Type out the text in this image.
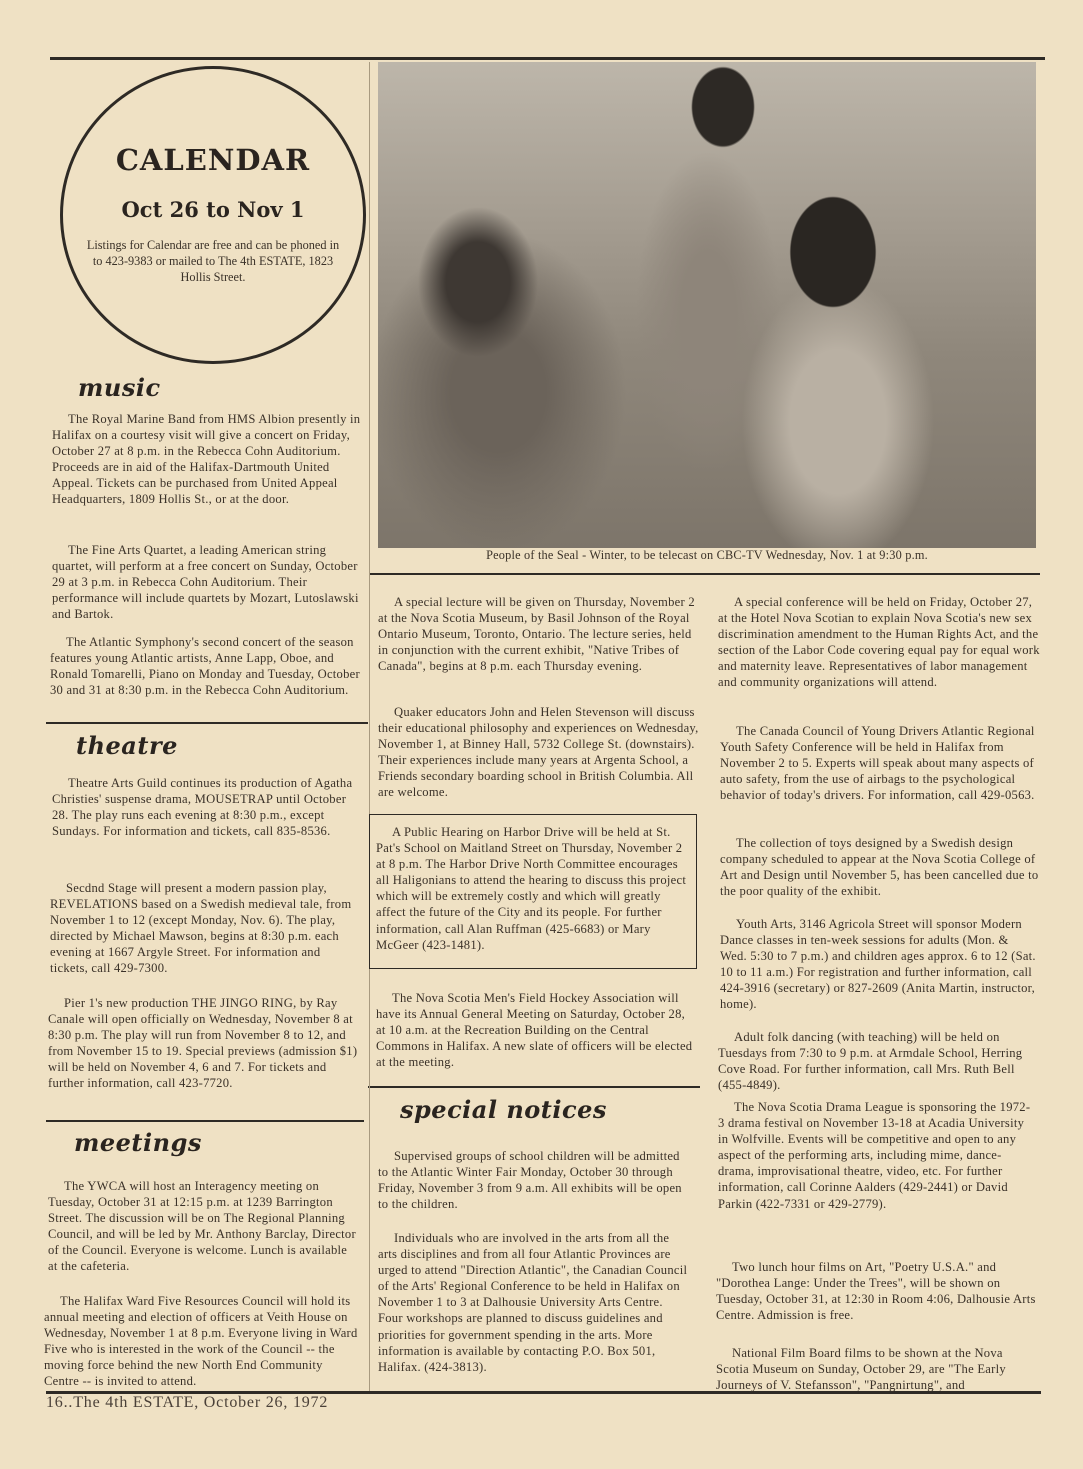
CALENDAR
Oct 26 to Nov 1
Listings for Calendar are free and can be phoned in to 423-9383 or mailed to The 4th ESTATE, 1823 Hollis Street.
People of the Seal - Winter, to be telecast on CBC-TV Wednesday, Nov. 1 at 9:30 p.m.
music

The Royal Marine Band from HMS Albion presently in Halifax on a courtesy visit will give a concert on Friday, October 27 at 8 p.m. in the Rebecca Cohn Auditorium. Proceeds are in aid of the Halifax-Dartmouth United Appeal. Tickets can be purchased from United Appeal Headquarters, 1809 Hollis St., or at the door.

The Fine Arts Quartet, a leading American string quartet, will perform at a free concert on Sunday, October 29 at 3 p.m. in Rebecca Cohn Auditorium. Their performance will include quartets by Mozart, Lutoslawski and Bartok.

The Atlantic Symphony's second concert of the season features young Atlantic artists, Anne Lapp, Oboe, and Ronald Tomarelli, Piano on Monday and Tuesday, October 30 and 31 at 8:30 p.m. in the Rebecca Cohn Auditorium.

theatre

Theatre Arts Guild continues its production of Agatha Christies' suspense drama, MOUSETRAP until October 28. The play runs each evening at 8:30 p.m., except Sundays. For information and tickets, call 835-8536.

Secdnd Stage will present a modern passion play, REVELATIONS based on a Swedish medieval tale, from November 1 to 12 (except Monday, Nov. 6). The play, directed by Michael Mawson, begins at 8:30 p.m. each evening at 1667 Argyle Street. For information and tickets, call 429-7300.

Pier 1's new production THE JINGO RING, by Ray Canale will open officially on Wednesday, November 8 at 8:30 p.m. The play will run from November 8 to 12, and from November 15 to 19. Special previews (admission $1) will be held on November 4, 6 and 7. For tickets and further information, call 423-7720.

meetings

The YWCA will host an Interagency meeting on Tuesday, October 31 at 12:15 p.m. at 1239 Barrington Street. The discussion will be on The Regional Planning Council, and will be led by Mr. Anthony Barclay, Director of the Council. Everyone is welcome. Lunch is available at the cafeteria.

The Halifax Ward Five Resources Council will hold its annual meeting and election of officers at Veith House on Wednesday, November 1 at 8 p.m. Everyone living in Ward Five who is interested in the work of the Council -- the moving force behind the new North End Community Centre -- is invited to attend.

A special lecture will be given on Thursday, November 2 at the Nova Scotia Museum, by Basil Johnson of the Royal Ontario Museum, Toronto, Ontario. The lecture series, held in conjunction with the current exhibit, "Native Tribes of Canada", begins at 8 p.m. each Thursday evening.

Quaker educators John and Helen Stevenson will discuss their educational philosophy and experiences on Wednesday, November 1, at Binney Hall, 5732 College St. (downstairs). Their experiences include many years at Argenta School, a Friends secondary boarding school in British Columbia. All are welcome.

A Public Hearing on Harbor Drive will be held at St. Pat's School on Maitland Street on Thursday, November 2 at 8 p.m. The Harbor Drive North Committee encourages all Haligonians to attend the hearing to discuss this project which will be extremely costly and which will greatly affect the future of the City and its people. For further information, call Alan Ruffman (425-6683) or Mary McGeer (423-1481).

The Nova Scotia Men's Field Hockey Association will have its Annual General Meeting on Saturday, October 28, at 10 a.m. at the Recreation Building on the Central Commons in Halifax. A new slate of officers will be elected at the meeting.

special notices

Supervised groups of school children will be admitted to the Atlantic Winter Fair Monday, October 30 through Friday, November 3 from 9 a.m. All exhibits will be open to the children.

Individuals who are involved in the arts from all the arts disciplines and from all four Atlantic Provinces are urged to attend "Direction Atlantic", the Canadian Council of the Arts' Regional Conference to be held in Halifax on November 1 to 3 at Dalhousie University Arts Centre. Four workshops are planned to discuss guidelines and priorities for government spending in the arts. More information is available by contacting P.O. Box 501, Halifax. (424-3813).

A special conference will be held on Friday, October 27, at the Hotel Nova Scotian to explain Nova Scotia's new sex discrimination amendment to the Human Rights Act, and the section of the Labor Code covering equal pay for equal work and maternity leave. Representatives of labor management and community organizations will attend.

The Canada Council of Young Drivers Atlantic Regional Youth Safety Conference will be held in Halifax from November 2 to 5. Experts will speak about many aspects of auto safety, from the use of airbags to the psychological behavior of today's drivers. For information, call 429-0563.

The collection of toys designed by a Swedish design company scheduled to appear at the Nova Scotia College of Art and Design until November 5, has been cancelled due to the poor quality of the exhibit.

Youth Arts, 3146 Agricola Street will sponsor Modern Dance classes in ten-week sessions for adults (Mon. & Wed. 5:30 to 7 p.m.) and children ages approx. 6 to 12 (Sat. 10 to 11 a.m.) For registration and further information, call 424-3916 (secretary) or 827-2609 (Anita Martin, instructor, home).

Adult folk dancing (with teaching) will be held on Tuesdays from 7:30 to 9 p.m. at Armdale School, Herring Cove Road. For further information, call Mrs. Ruth Bell (455-4849).

The Nova Scotia Drama League is sponsoring the 1972-3 drama festival on November 13-18 at Acadia University in Wolfville. Events will be competitive and open to any aspect of the performing arts, including mime, dance-drama, improvisational theatre, video, etc. For further information, call Corinne Aalders (429-2441) or David Parkin (422-7331 or 429-2779).

Two lunch hour films on Art, "Poetry U.S.A." and "Dorothea Lange: Under the Trees", will be shown on Tuesday, October 31, at 12:30 in Room 4:06, Dalhousie Arts Centre. Admission is free.

National Film Board films to be shown at the Nova Scotia Museum on Sunday, October 29, are "The Early Journeys of V. Stefansson", "Pangnirtung", and

16..The 4th ESTATE, October 26, 1972
